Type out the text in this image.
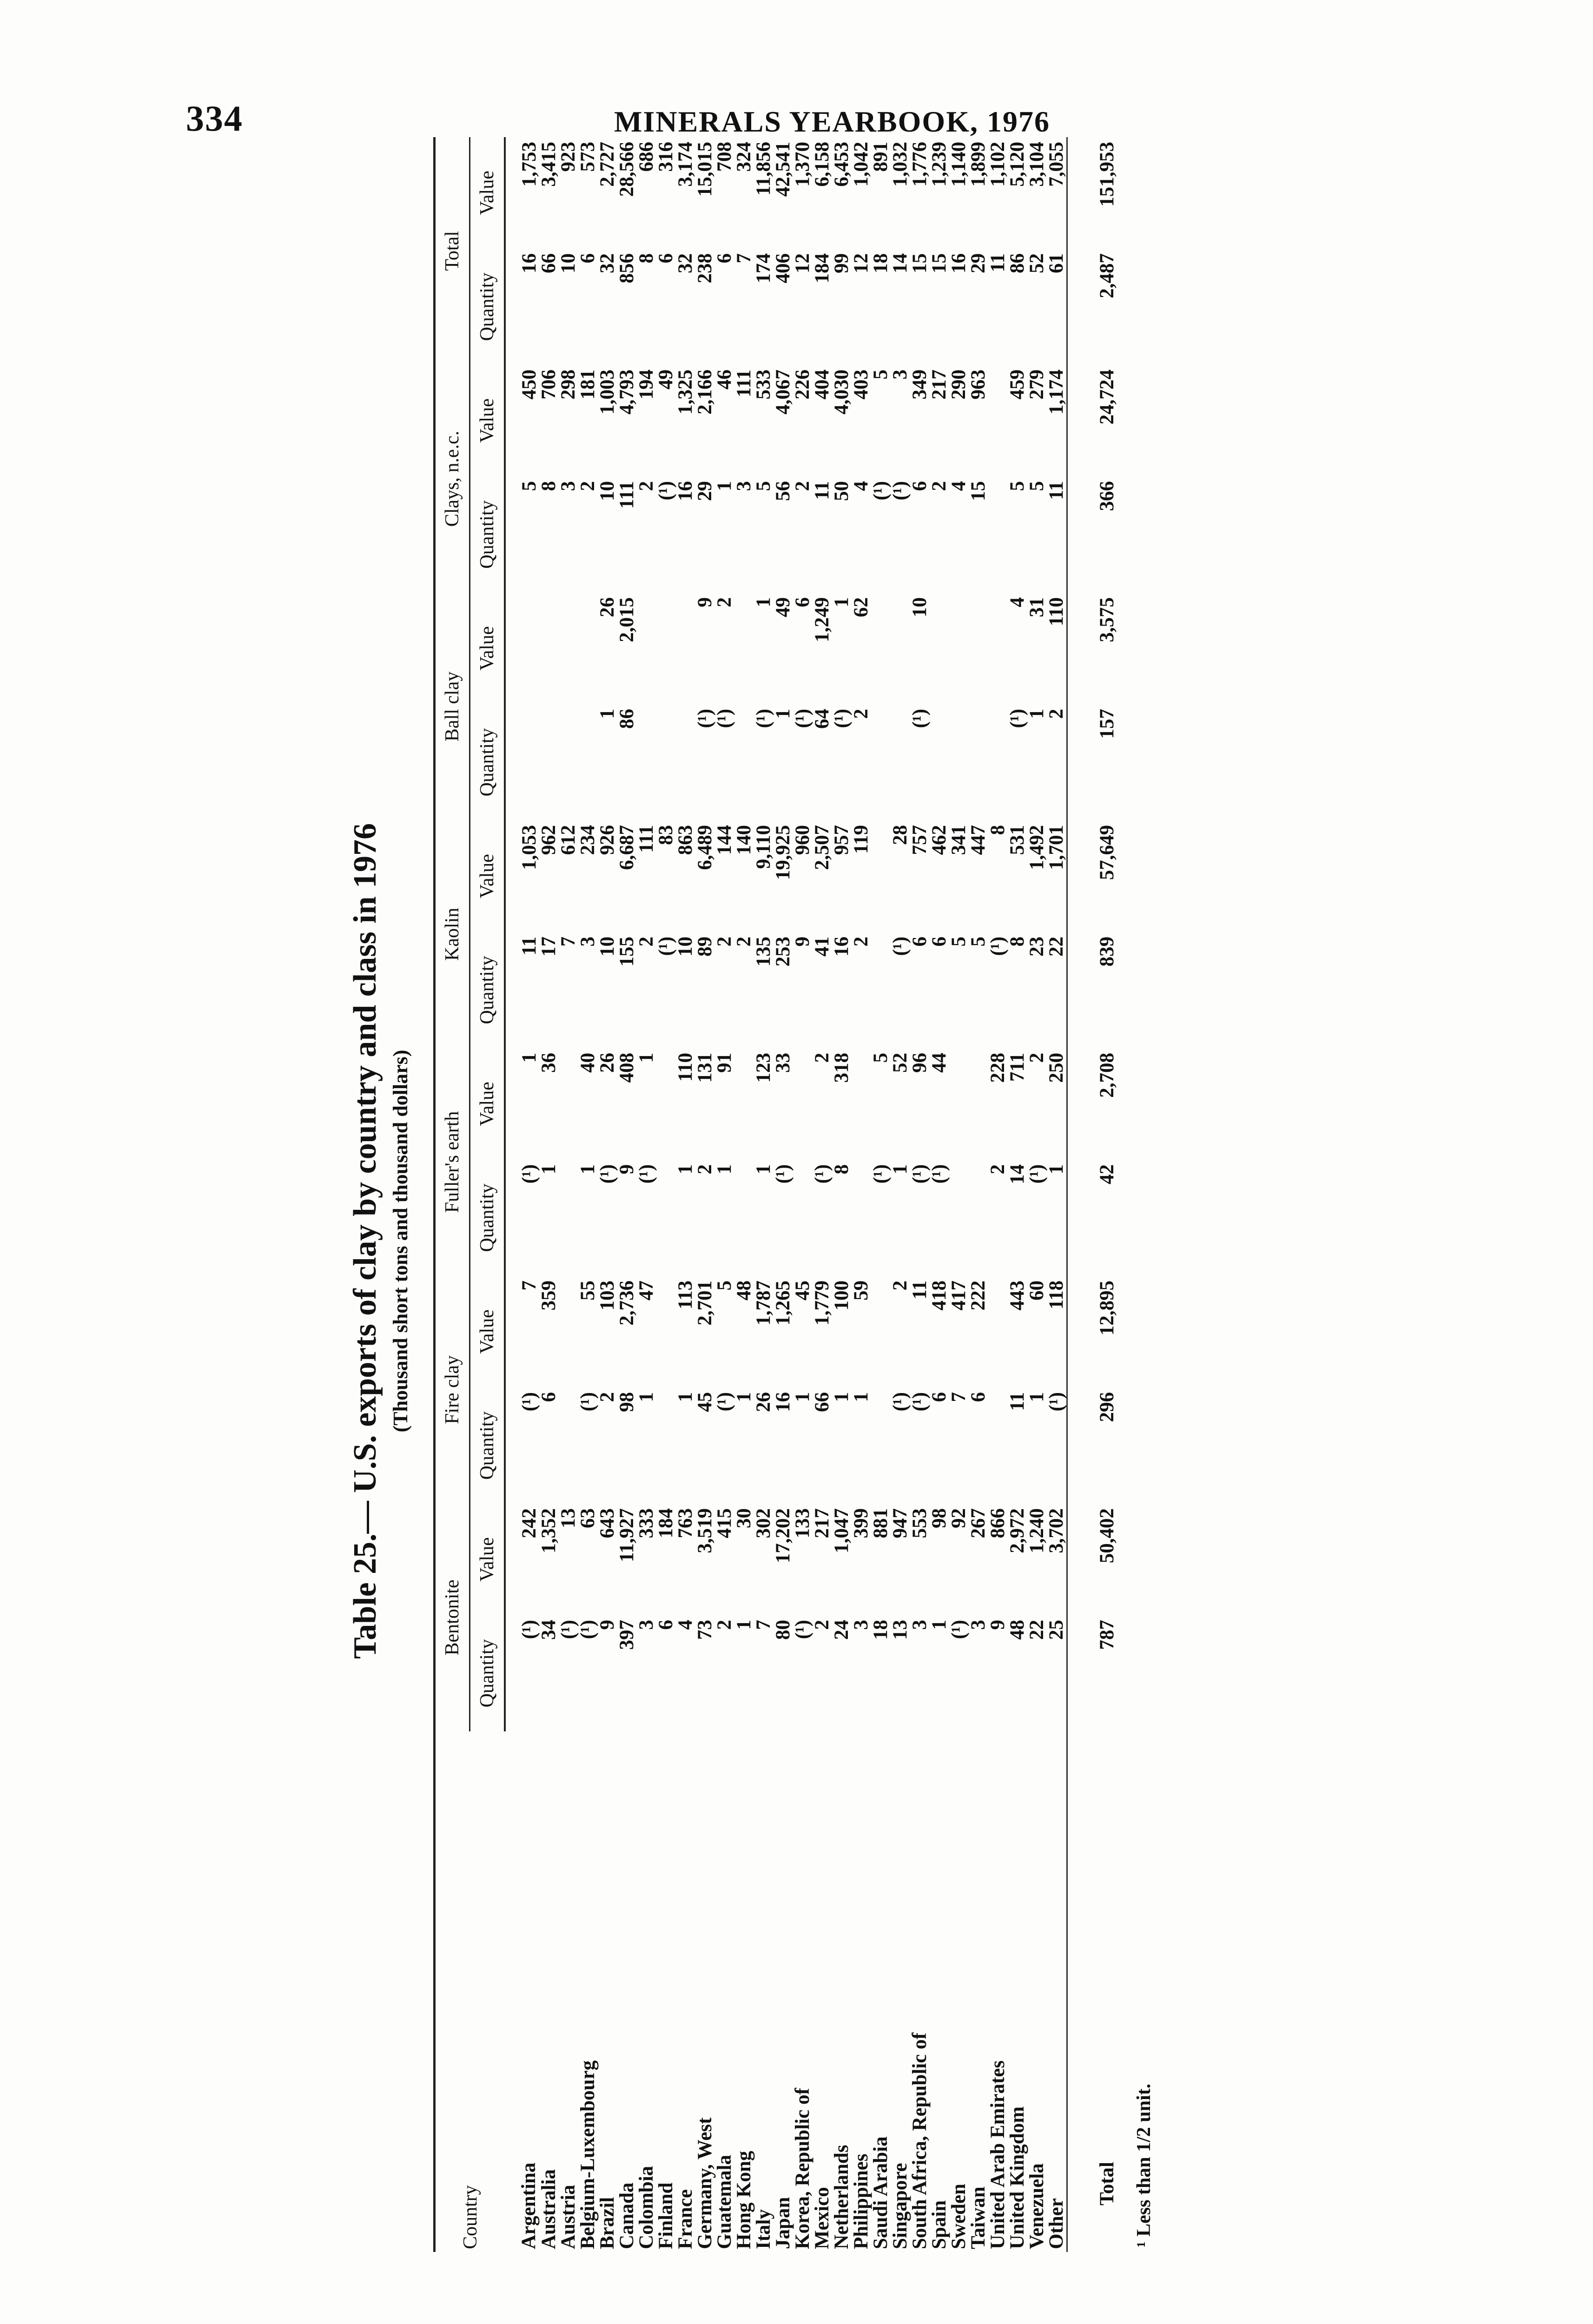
334	MINERALS YEARBOOK, 1976
Table 25.— U.S. exports of clay by country and class in 1976 (Thousand short tons and thousand dollars)
Country	Bentonite		Fire clay		Fuller's earth		Kaolin		Ball clay		Clays, n.e.c.		Total	
	Quantity	Value	Quantity	Value	Quantity	Value	Quantity	Value	Quantity	Value	Quantity	Value	Quantity	Value
Argentina	(¹)	242	(¹)	7	(¹)	1	11	1,053			5	450	16	1,753
Australia	34	1,352	6	359	1	36	17	962			8	706	66	3,415
Austria	(¹)	13					7	612			3	298	10	923
Belgium-Luxembourg	(¹)	63	(¹)	55	1	40	3	234			2	181	6	573
Brazil	9	643	2	103	(¹)	26	10	926	1	26	10	1,003	32	2,727
Canada	397	11,927	98	2,736	9	408	155	6,687	86	2,015	111	4,793	856	28,566
Colombia	3	333	1	47	(¹)	1	2	111			2	194	8	686
Finland	6	184					(¹)	83			(¹)	49	6	316
France	4	763	1	113	1	110	10	863			16	1,325	32	3,174
Germany, West	73	3,519	45	2,701	2	131	89	6,489	(¹)	9	29	2,166	238	15,015
Guatemala	2	415	(¹)	5	1	91	2	144	(¹)	2	1	46	6	708
Hong Kong	1	30	1	48			2	140			3	111	7	324
Italy	7	302	26	1,787	1	123	135	9,110	(¹)	1	5	533	174	11,856
Japan	80	17,202	16	1,265	(¹)	33	253	19,925	1	49	56	4,067	406	42,541
Korea, Republic of	(¹)	133	1	45			9	960	(¹)	6	2	226	12	1,370
Mexico	2	217	66	1,779	(¹)	2	41	2,507	64	1,249	11	404	184	6,158
Netherlands	24	1,047	1	100	8	318	16	957	(¹)	1	50	4,030	99	6,453
Philippines	3	399	1	59			2	119	2	62	4	403	12	1,042
Saudi Arabia	18	881			(¹)	5					(¹)	5	18	891
Singapore	13	947	(¹)	2	1	52	(¹)	28			(¹)	3	14	1,032
South Africa, Republic of	3	553	(¹)	11	(¹)	96	6	757	(¹)	10	6	349	15	1,776
Spain	1	98	6	418	(¹)	44	6	462			2	217	15	1,239
Sweden	(¹)	92	7	417			5	341			4	290	16	1,140
Taiwan	3	267	6	222			5	447			15	963	29	1,899
United Arab Emirates	9	866			2	228	(¹)	8					11	1,102
United Kingdom	48	2,972	11	443	14	711	8	531	(¹)	4	5	459	86	5,120
Venezuela	22	1,240	1	60	(¹)	2	23	1,492	1	31	5	279	52	3,104
Other	25	3,702	(¹)	118	1	250	22	1,701	2	110	11	1,174	61	7,055
Total	787	50,402	296	12,895	42	2,708	839	57,649	157	3,575	366	24,724	2,487	151,953
¹ Less than 1/2 unit.
